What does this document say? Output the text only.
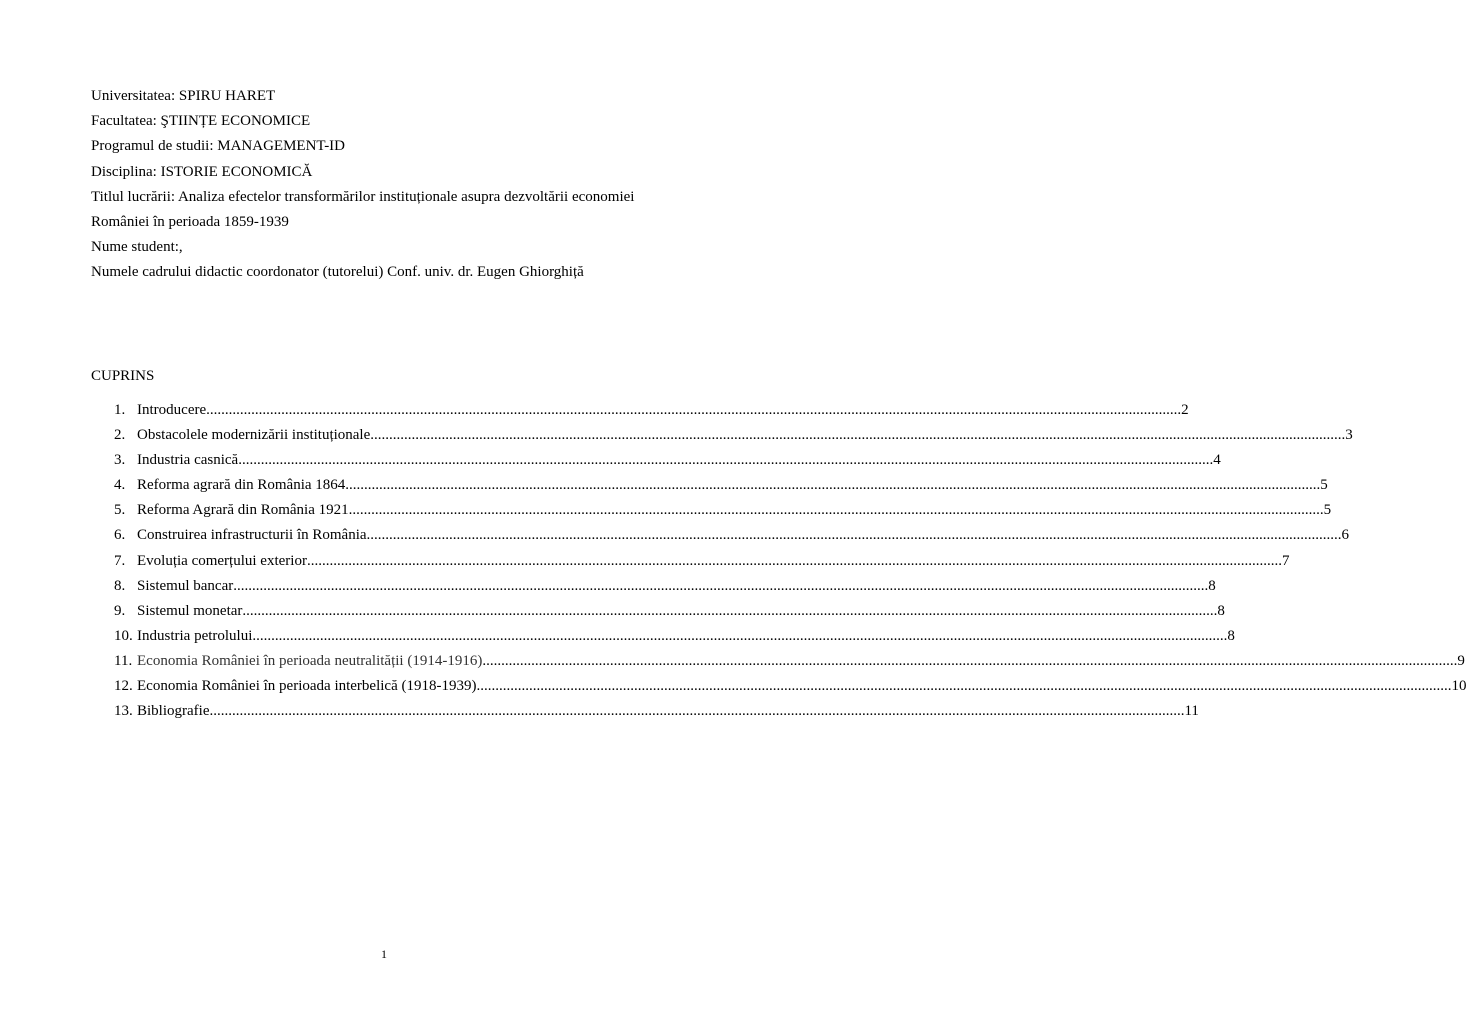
Universitatea: SPIRU HARET
Facultatea: ŞTIINȚE ECONOMICE
Programul de studii: MANAGEMENT-ID
Disciplina: ISTORIE ECONOMICĂ
Titlul lucrării: Analiza efectelor transformărilor instituționale asupra dezvoltării economiei
României în perioada 1859-1939
Nume student:,
Numele cadrului didactic coordonator (tutorelui) Conf. univ. dr. Eugen Ghiorghiță
CUPRINS
1. Introducere .................................................................................................................................................................................................................................................................... 2
2. Obstacolele modernizării instituționale .................................................................................................................................................................................................................................................................... 3
3. Industria casnică .................................................................................................................................................................................................................................................................... 4
4. Reforma agrară din România 1864 .................................................................................................................................................................................................................................................................... 5
5. Reforma Agrară din România 1921 .................................................................................................................................................................................................................................................................... 5
6. Construirea infrastructurii în România .................................................................................................................................................................................................................................................................... 6
7. Evoluția comerțului exterior .................................................................................................................................................................................................................................................................... 7
8. Sistemul bancar .................................................................................................................................................................................................................................................................... 8
9. Sistemul monetar .................................................................................................................................................................................................................................................................... 8
10. Industria petrolului .................................................................................................................................................................................................................................................................... 8
11. Economia României în perioada neutralității (1914-1916) .................................................................................................................................................................................................................................................................... 9
12. Economia României în perioada interbelică (1918-1939) .................................................................................................................................................................................................................................................................... 10
13. Bibliografie .................................................................................................................................................................................................................................................................... 11
1
